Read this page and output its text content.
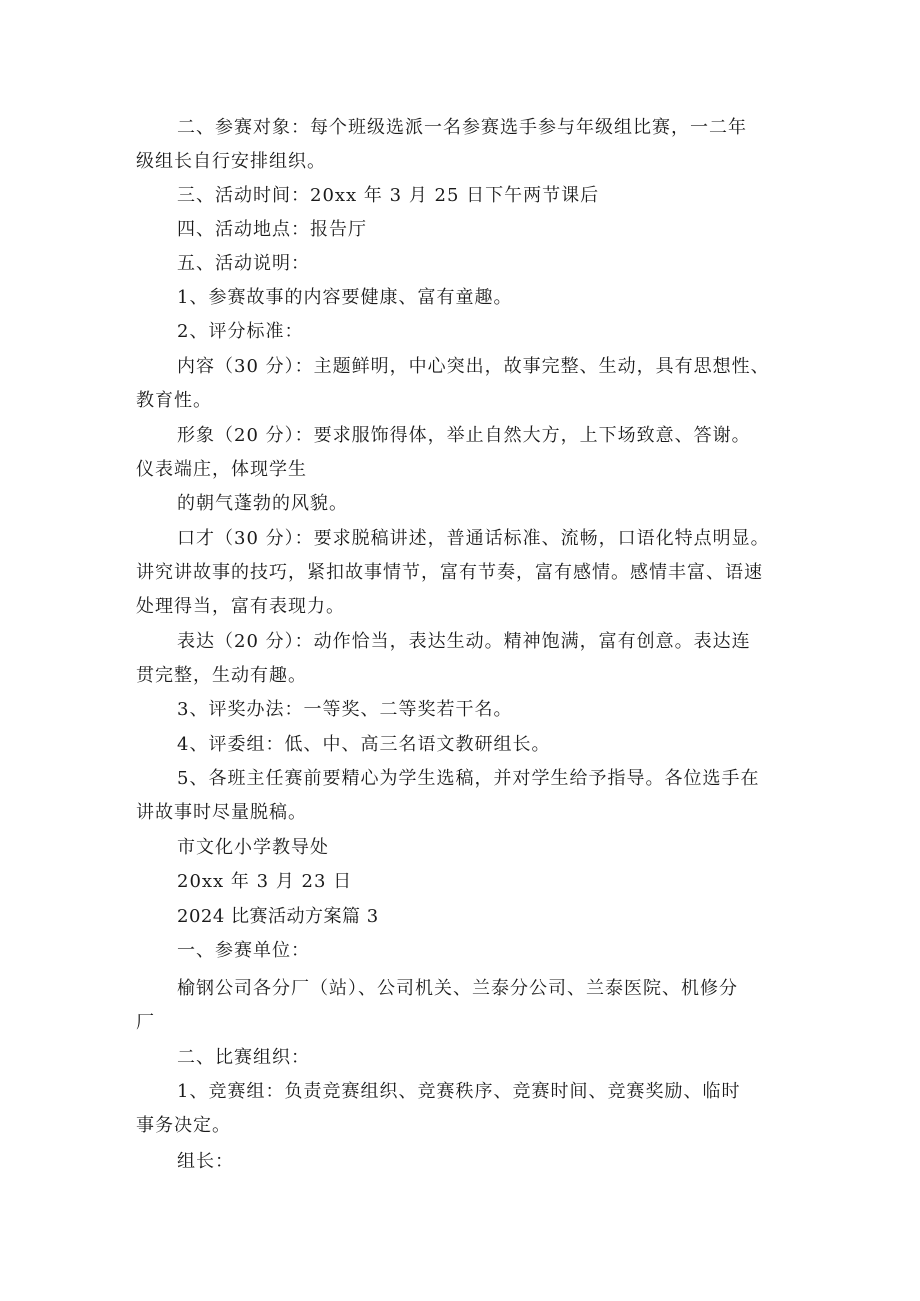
二、参赛对象：每个班级选派一名参赛选手参与年级组比赛，一二年
级组长自行安排组织。
三、活动时间：20xx 年 3 月 25 日下午两节课后
四、活动地点：报告厅
五、活动说明：
1、参赛故事的内容要健康、富有童趣。
2、评分标准：
内容（30 分）：主题鲜明，中心突出，故事完整、生动，具有思想性、
教育性。
形象（20 分）：要求服饰得体，举止自然大方，上下场致意、答谢。
仪表端庄，体现学生
的朝气蓬勃的风貌。
口才（30 分）：要求脱稿讲述，普通话标准、流畅，口语化特点明显。
讲究讲故事的技巧，紧扣故事情节，富有节奏，富有感情。感情丰富、语速
处理得当，富有表现力。
表达（20 分）：动作恰当，表达生动。精神饱满，富有创意。表达连
贯完整，生动有趣。
3、评奖办法：一等奖、二等奖若干名。
4、评委组：低、中、高三名语文教研组长。
5、各班主任赛前要精心为学生选稿，并对学生给予指导。各位选手在
讲故事时尽量脱稿。
市文化小学教导处
20xx 年 3 月 23 日
2024 比赛活动方案篇 3
一、参赛单位：
榆钢公司各分厂（站）、公司机关、兰泰分公司、兰泰医院、机修分
厂
二、比赛组织：
1、竞赛组：负责竞赛组织、竞赛秩序、竞赛时间、竞赛奖励、临时
事务决定。
组长：
